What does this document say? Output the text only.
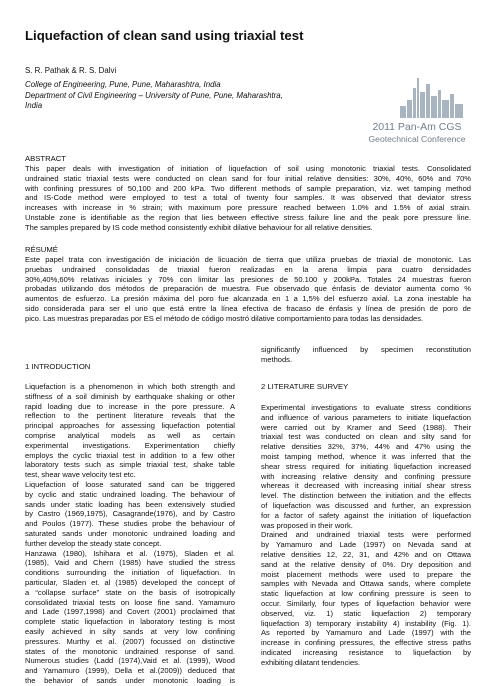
Liquefaction of clean sand using triaxial test
S. R. Pathak & R. S. Dalvi
College of Engineering, Pune, Pune, Maharashtra, India
Department of Civil Engineering – University of Pune, Pune, Maharashtra,
India
2011 Pan-Am CGS
Geotechnical Conference
ABSTRACT
This paper deals with investigation of initiation of liquefaction of soil using monotonic triaxial tests. Consolidated
undrained static triaxial tests were conducted on clean sand for four initial relative densities: 30%, 40%, 60% and 70%
with confining pressures of 50,100 and 200 kPa. Two different methods of sample preparation, viz. wet tamping method
and IS-Code method were employed to test a total of twenty four samples. It was observed that deviator stress
increases with increase in % strain; with maximum pore pressure reached between 1.0% and 1.5% of axial strain.
Unstable zone is identifiable as the region that lies between effective stress failure line and the peak pore pressure line.
The samples prepared by IS code method consistently exhibit dilative behaviour for all relative densities.
RÉSUMÉ
Este papel trata con investigación de iniciación de licuación de tierra que utiliza pruebas de triaxial de monotonic. Las
pruebas undrained consolidadas de triaxial fueron realizadas en la arena limpia para cuatro densidades
30%,40%,60% relativas iniciales y 70% con limitar las presiones de 50.100 y 200kPa. Totales 24 muestras fueron
probadas utilizando dos métodos de preparación de muestra. Fue observado que énfasis de deviator aumenta como %
aumentos de esfuerzo. La presión máxima del poro fue alcanzada en 1 a 1,5% del esfuerzo axial. La zona inestable ha
sido considerada para ser el uno que está entre la línea efectiva de fracaso de énfasis y línea de presión de poro de
pico. Las muestras preparadas por ES el método de código mostró dilative comportamiento para todas las densidades.
1 INTRODUCTION
Liquefaction is a phenomenon in which both strength and
stiffness of a soil diminish by earthquake shaking or other
rapid loading due to increase in the pore pressure. A
reflection to the pertinent literature reveals that the
principal approaches for assessing liquefaction potential
comprise analytical models as well as certain
experimental investigations. Experimentation chiefly
employs the cyclic triaxial test in addition to a few other
laboratory tests such as simple triaxial test, shake table
test, shear wave velocity test etc.
Liquefaction of loose saturated sand can be triggered
by cyclic and static undrained loading. The behaviour of
sands under static loading has been extensively studied
by Castro (1969,1975), Casagrande(1976), and by Castro
and Poulos (1977). These studies probe the behaviour of
saturated sands under monotonic undrained loading and
further develop the steady state concept.
Hanzawa (1980), Ishihara et al. (1975), Sladen et al.
(1985), Vaid and Chern (1985) have studied the stress
conditions surrounding the initiation of liquefaction. In
particular, Sladen et. al (1985) developed the concept of
a “collapse surface” state on the basis of isotropically
consolidated triaxial tests on loose fine sand. Yamamuro
and Lade (1997,1998) and Covert (2001) proclaimed that
complete static liquefaction in laboratory testing is most
easily achieved in silty sands at very low confining
pressures. Murthy et al. (2007) focussed on distinctive
states of the monotonic undrained response of sand.
Numerous studies (Ladd (1974),Vaid et al. (1999), Wood
and Yamamuro (1999), Della et al.(2009)) deduced that
the behavior of sands under monotonic loading is
significantly influenced by specimen reconstitution
methods.
2 LITERATURE SURVEY
Experimental investigations to evaluate stress conditions
and influence of various parameters to initiate liquefaction
were carried out by Kramer and Seed (1988). Their
triaxial test was conducted on clean and silty sand for
relative densities 32%, 37%, 44% and 47% using the
moist tamping method, whence it was inferred that the
shear stress required for initiating liquefaction increased
with increasing relative density and confining pressure
whereas it decreased with increasing initial shear stress
level. The distinction between the initiation and the effects
of liquefaction was discussed and further, an expression
for a factor of safety against the initiation of liquefaction
was proposed in their work.
Drained and undrained triaxial tests were performed
by Yamamuro and Lade (1997) on Nevada sand at
relative densities 12, 22, 31, and 42% and on Ottawa
sand at the relative density of 0%. Dry deposition and
moist placement methods were used to prepare the
samples with Nevada and Ottawa sands, where complete
static liquefaction at low confining pressure is seen to
occur. Similarly, four types of liquefaction behavior were
observed, viz. 1) static liquefaction 2) temporary
liquefaction 3) temporary instability 4) instability (Fig. 1).
As reported by Yamamuro and Lade (1997) with the
increase in confining pressures, the effective stress paths
indicated increasing resistance to liquefaction by
exhibiting dilatant tendencies.
